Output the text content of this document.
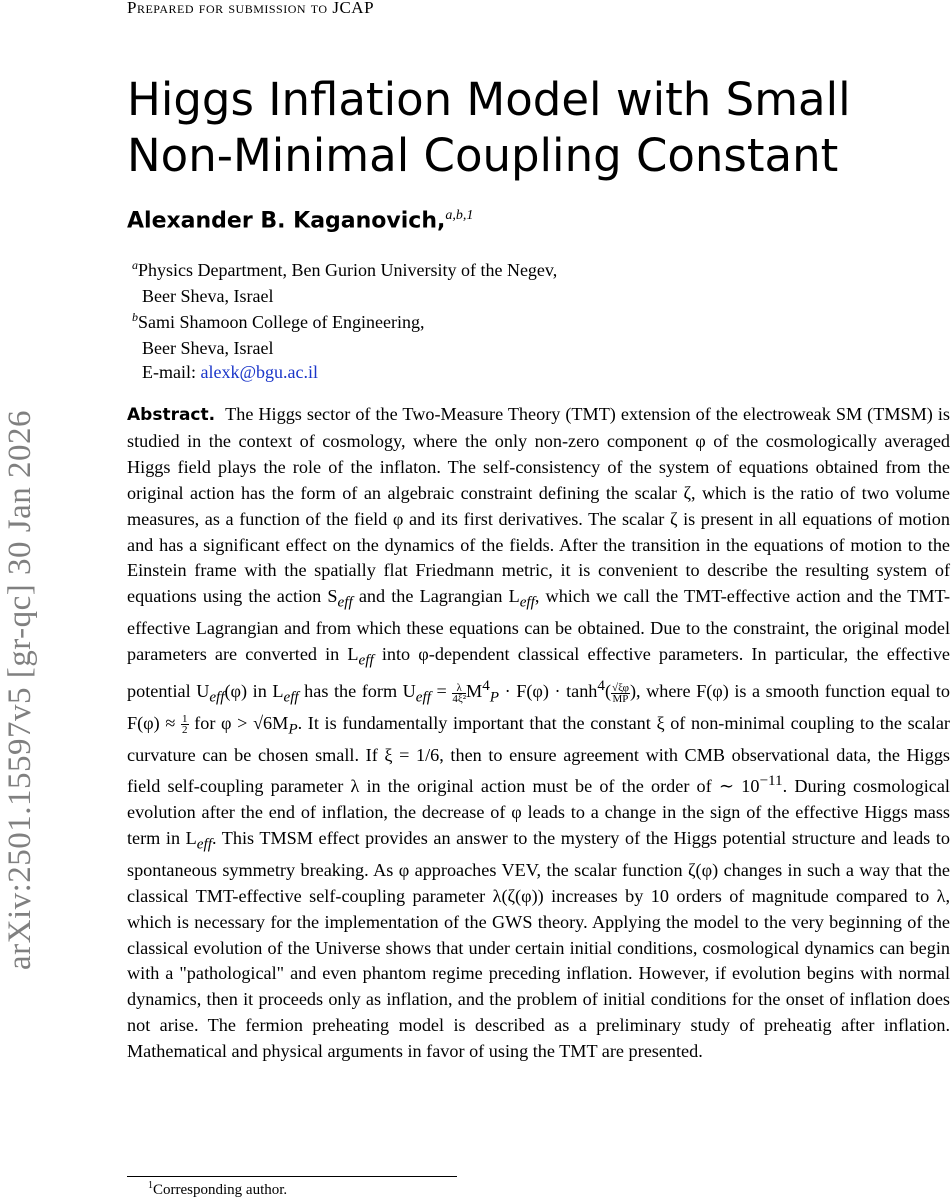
Prepared for submission to JCAP
Higgs Inflation Model with Small Non-Minimal Coupling Constant
Alexander B. Kaganovich,$^{a,b,1}$
$^a$Physics Department, Ben Gurion University of the Negev,
Beer Sheva, Israel
$^b$Sami Shamoon College of Engineering,
Beer Sheva, Israel
E-mail: alexk@bgu.ac.il

Abstract. The Higgs sector of the Two-Measure Theory (TMT) extension of the electroweak SM (TMSM) is studied in the context of cosmology, where the only non-zero component φ of the cosmologically averaged Higgs field plays the role of the inflaton. The self-consistency of the system of equations obtained from the original action has the form of an algebraic constraint defining the scalar ζ, which is the ratio of two volume measures, as a function of the field φ and its first derivatives. The scalar ζ is present in all equations of motion and has a significant effect on the dynamics of the fields. After the transition in the equations of motion to the Einstein frame with the spatially flat Friedmann metric, it is convenient to describe the resulting system of equations using the action $S_{eff}$ and the Lagrangian $L_{eff}$, which we call the TMT-effective action and the TMT-effective Lagrangian and from which these equations can be obtained. Due to the constraint, the original model parameters are converted in $L_{eff}$ into φ-dependent classical effective parameters. In particular, the effective potential $U_{eff}(\varphi)$ in $L_{eff}$ has the form $U_{eff} = \frac{\lambda}{\text{4ξ²}} M^4_P \cdot F(\varphi) \cdot \tanh^4( \frac{√\xi\varphi}{MP}$ ), where F(φ) is a smooth function equal to $F(\varphi) \approx \frac{1}{2}$ for $\varphi > √6M_P$. It is fundamentally important that the constant ξ of non-minimal coupling to the scalar curvature can be chosen small. If ξ = 1/6, then to ensure agreement with CMB observational data, the Higgs field self-coupling parameter λ in the original action must be of the order of ∼ $10^{-11}$. During cosmological evolution after the end of inflation, the decrease of φ leads to a change in the sign of the effective Higgs mass term in $L_{eff}$. This TMSM effect provides an answer to the mystery of the Higgs potential structure and leads to spontaneous symmetry breaking. As φ approaches VEV, the scalar function ζ(φ) changes in such a way that the classical TMT-effective self-coupling parameter λ(ζ(φ)) increases by 10 orders of magnitude compared to λ, which is necessary for the implementation of the GWS theory. Applying the model to the very beginning of the classical evolution of the Universe shows that under certain initial conditions, cosmological dynamics can begin with a "pathological" and even phantom regime preceding inflation. However, if evolution begins with normal dynamics, then it proceeds only as inflation, and the problem of initial conditions for the onset of inflation does not arise. The fermion preheating model is described as a preliminary study of preheatig after inflation. Mathematical and physical arguments in favor of using the TMT are presented.

arXiv:2501.15597v5 [gr-qc] 30 Jan 2026
$^1$Corresponding author.
